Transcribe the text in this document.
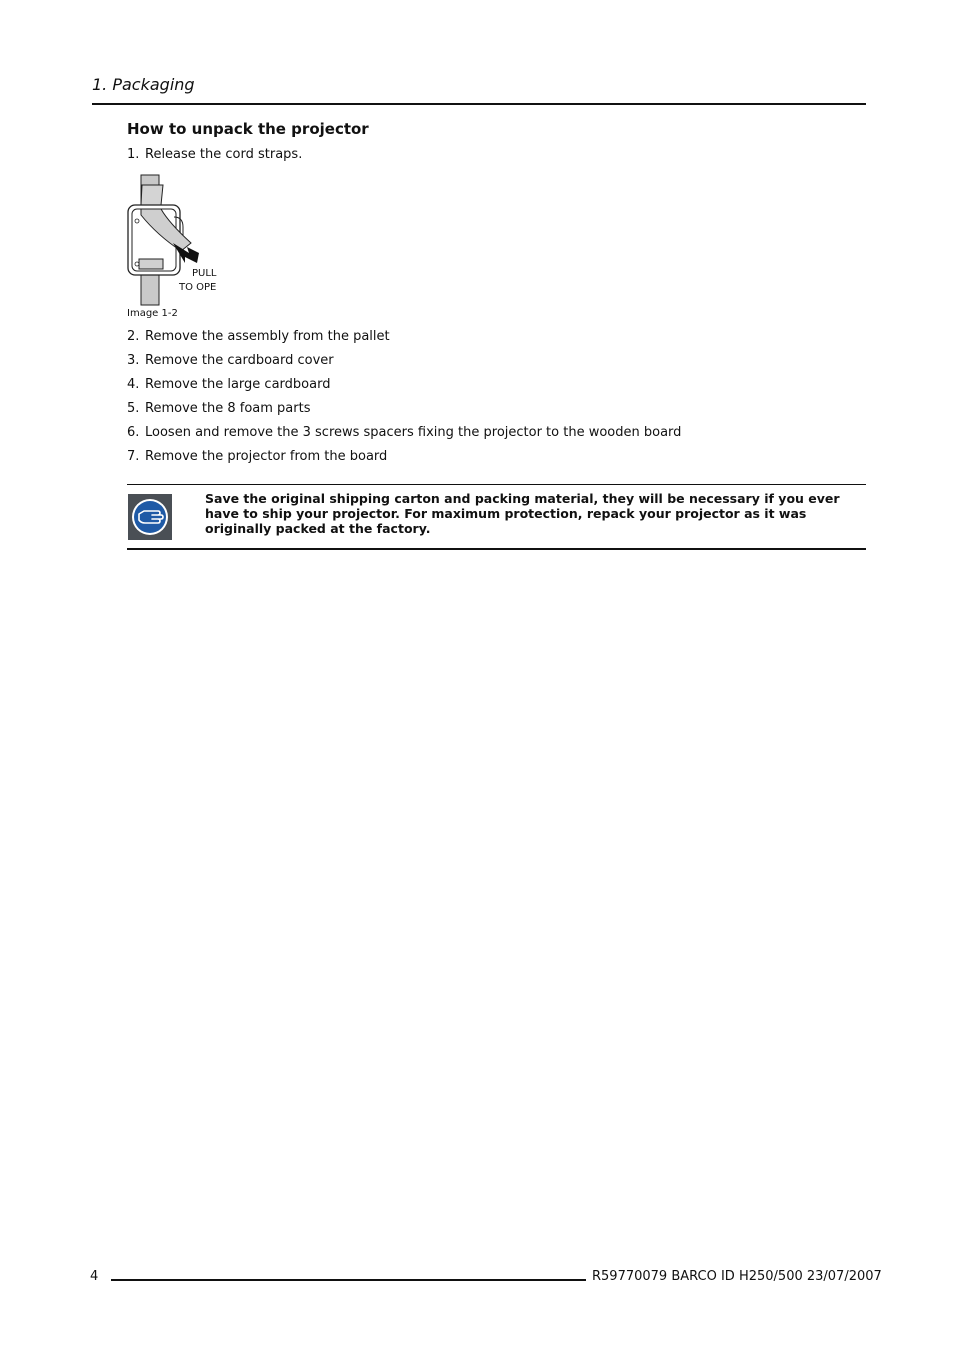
1. Packaging
How to unpack the projector

1. Release the cord straps.

PULL
TO OPE

Image 1-2

2. Remove the assembly from the pallet

3. Remove the cardboard cover

4. Remove the large cardboard

5. Remove the 8 foam parts

6. Loosen and remove the 3 screws spacers fixing the projector to the wooden board

7. Remove the projector from the board

Save the original shipping carton and packing material, they will be necessary if you ever have to ship your projector. For maximum protection, repack your projector as it was originally packed at the factory.

4	R59770079 BARCO ID H250/500 23/07/2007
